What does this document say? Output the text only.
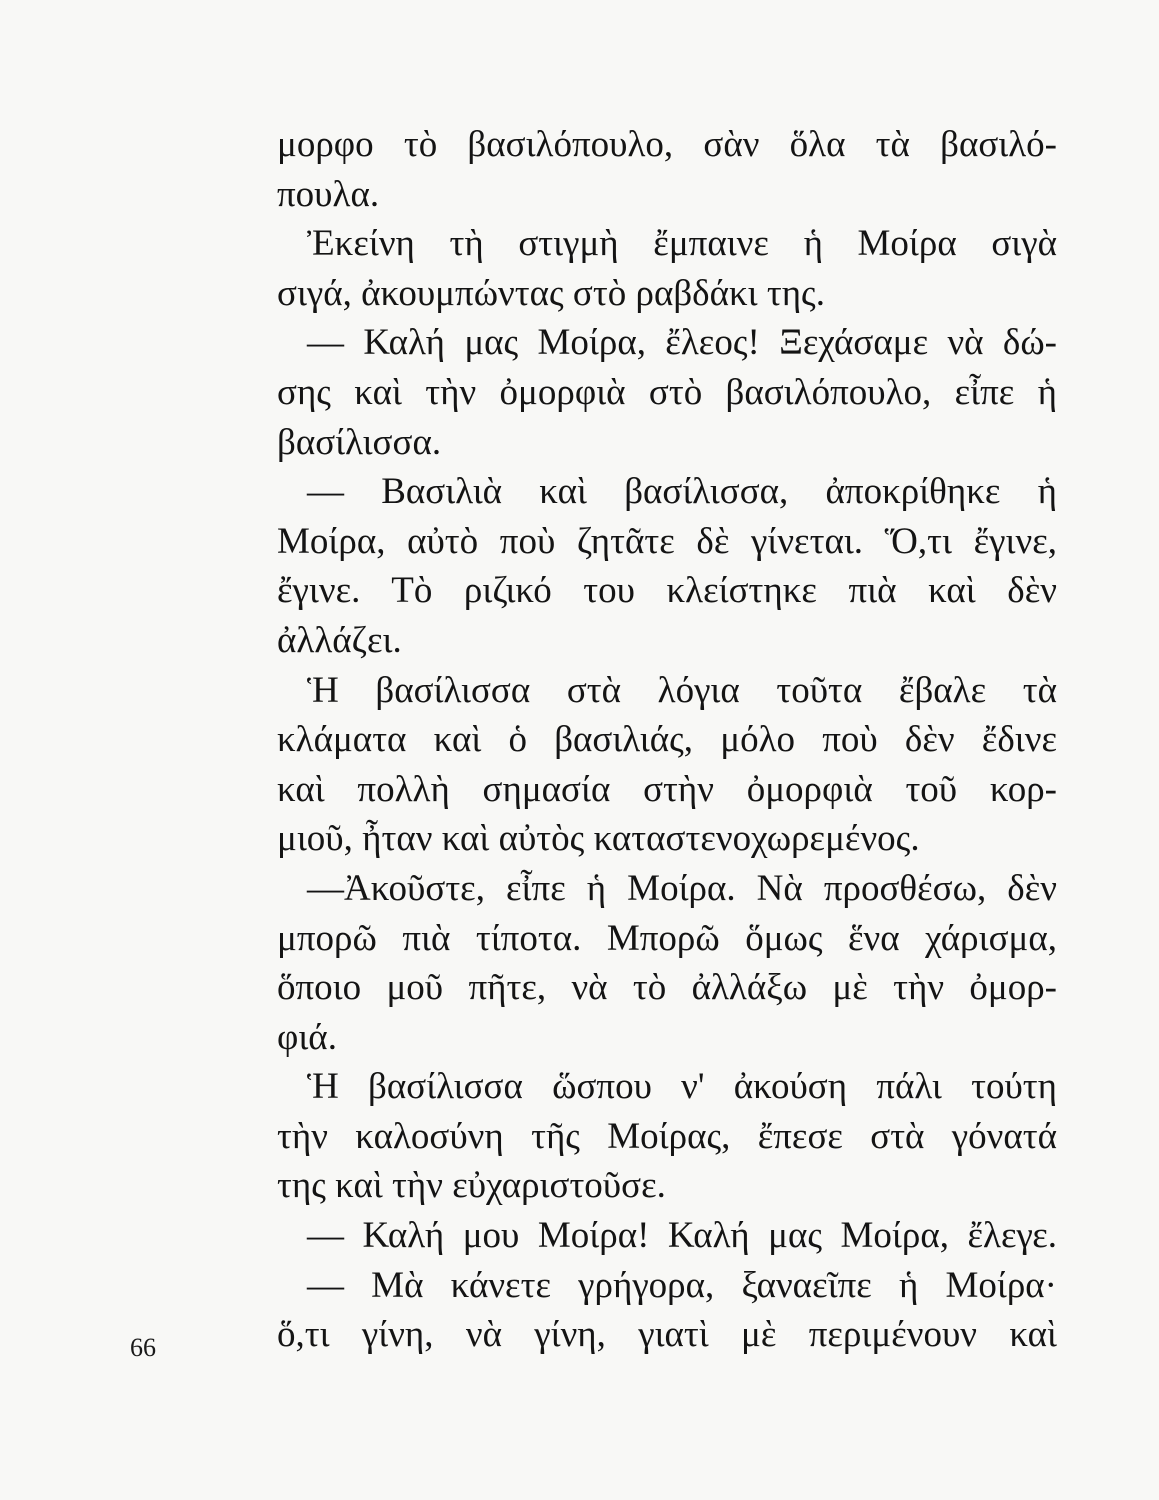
μορφο τὸ βασιλόπουλο, σὰν ὅλα τὰ βασιλό-
πουλα.
Ἐκείνη τὴ στιγμὴ ἔμπαινε ἡ Μοίρα σιγὰ
σιγά, ἀκουμπώντας στὸ ραβδάκι της.
— Καλή μας Μοίρα, ἔλεος! Ξεχάσαμε νὰ δώ-
σης καὶ τὴν ὀμορφιὰ στὸ βασιλόπουλο, εἶπε ἡ
βασίλισσα.
— Βασιλιὰ καὶ βασίλισσα, ἀποκρίθηκε ἡ
Μοίρα, αὐτὸ ποὺ ζητᾶτε δὲ γίνεται. Ὅ,τι ἔγινε,
ἔγινε. Τὸ ριζικό του κλείστηκε πιὰ καὶ δὲν
ἀλλάζει.
Ἡ βασίλισσα στὰ λόγια τοῦτα ἔβαλε τὰ
κλάματα καὶ ὁ βασιλιάς, μόλο ποὺ δὲν ἔδινε
καὶ πολλὴ σημασία στὴν ὀμορφιὰ τοῦ κορ-
μιοῦ, ἦταν καὶ αὐτὸς καταστενοχωρεμένος.
—Ἀκοῦστε, εἶπε ἡ Μοίρα. Νὰ προσθέσω, δὲν
μπορῶ πιὰ τίποτα. Μπορῶ ὅμως ἕνα χάρισμα,
ὅποιο μοῦ πῆτε, νὰ τὸ ἀλλάξω μὲ τὴν ὀμορ-
φιά.
Ἡ βασίλισσα ὥσπου ν' ἀκούση πάλι τούτη
τὴν καλοσύνη τῆς Μοίρας, ἔπεσε στὰ γόνατά
της καὶ τὴν εὐχαριστοῦσε.
— Καλή μου Μοίρα! Καλή μας Μοίρα, ἔλεγε.
— Μὰ κάνετε γρήγορα, ξαναεῖπε ἡ Μοίρα·
ὅ,τι γίνη, νὰ γίνη, γιατὶ μὲ περιμένουν καὶ
66
